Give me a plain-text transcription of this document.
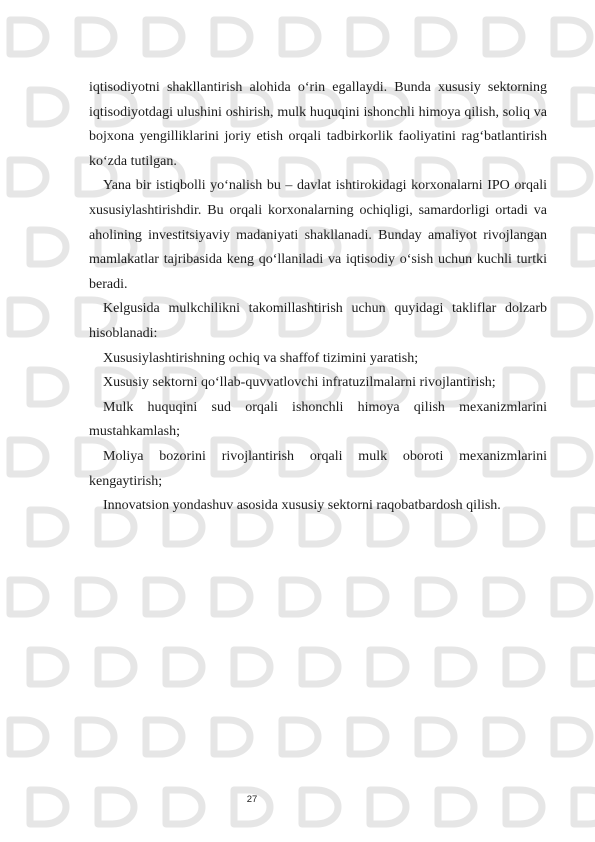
iqtisodiyotni shakllantirish alohida o‘rin egallaydi. Bunda xususiy sektorning iqtisodiyotdagi ulushini oshirish, mulk huquqini ishonchli himoya qilish, soliq va bojxona yengilliklarini joriy etish orqali tadbirkorlik faoliyatini rag‘batlantirish ko‘zda tutilgan.

Yana bir istiqbolli yo‘nalish bu – davlat ishtirokidagi korxonalarni IPO orqali xususiylashtirishdir. Bu orqali korxonalarning ochiqligi, samardorligi ortadi va aholining investitsiyaviy madaniyati shakllanadi. Bunday amaliyot rivojlangan mamlakatlar tajribasida keng qo‘llaniladi va iqtisodiy o‘sish uchun kuchli turtki beradi.

Kelgusida mulkchilikni takomillashtirish uchun quyidagi takliflar dolzarb hisoblanadi:

Xususiylashtirishning ochiq va shaffof tizimini yaratish;

Xususiy sektorni qo‘llab-quvvatlovchi infratuzilmalarni rivojlantirish;

Mulk huquqini sud orqali ishonchli himoya qilish mexanizmlarini mustahkamlash;

Moliya bozorini rivojlantirish orqali mulk oboroti mexanizmlarini kengaytirish;

Innovatsion yondashuv asosida xususiy sektorni raqobatbardosh qilish.

27
